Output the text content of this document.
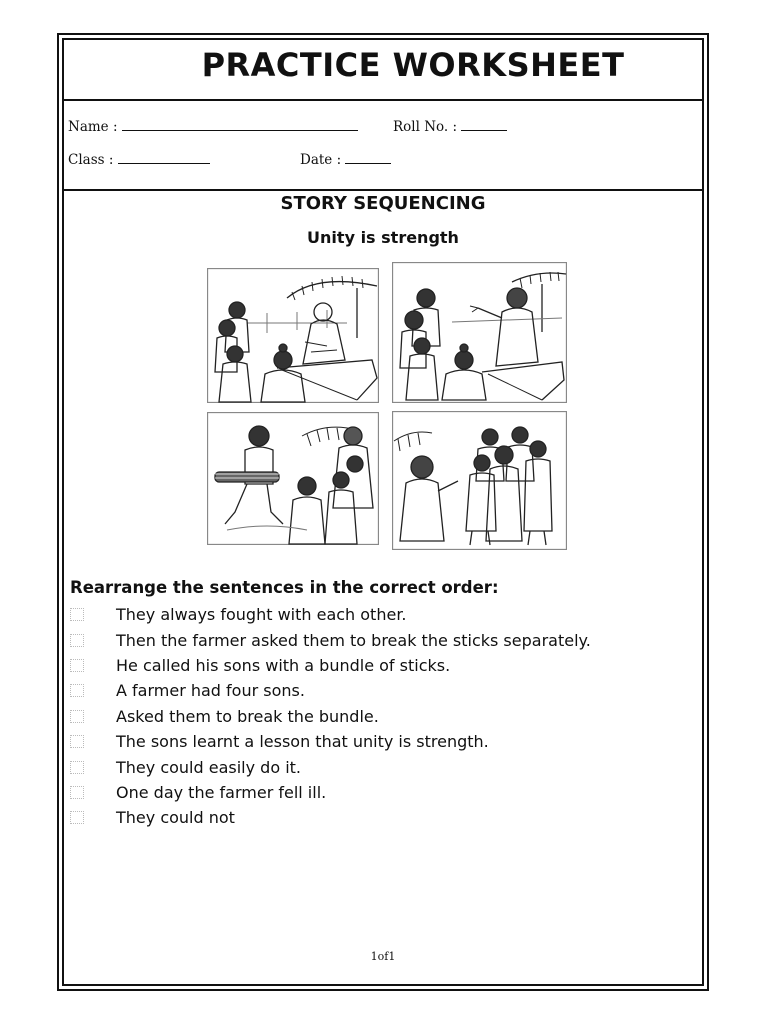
PRACTICE WORKSHEET
Name :	Roll No. :
Class :	Date :
STORY SEQUENCING
Unity is strength
Rearrange the sentences in the correct order:
They always fought with each other.
Then the farmer asked them to break the sticks separately.
He called his sons with a bundle of sticks.
A farmer had four sons.
Asked them to break the bundle.
The sons learnt a lesson that unity is strength.
They could easily do it.
One day the farmer fell ill.
They could not
1of1
